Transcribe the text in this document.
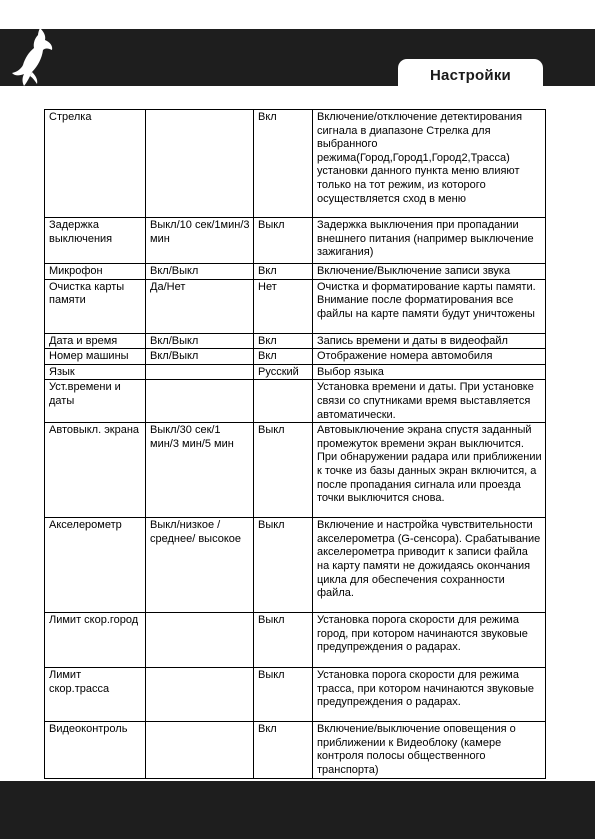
Настройки
Стрелка		Вкл	Включение/отключение детектирования сигнала в диапазоне Стрелка для выбранного режима(Город,Город1,Город2,Трасса) установки данного пункта меню влияют только на тот режим, из которого осуществляется сход в меню
Задержка выключения	Выкл/10 сек/1мин/3 мин	Выкл	Задержка выключения при пропадании внешнего питания (например выключение зажигания)
Микрофон	Вкл/Выкл	Вкл	Включение/Выключение записи звука
Очистка карты памяти	Да/Нет	Нет	Очистка и форматирование карты памяти. Внимание после форматирования все файлы на карте памяти будут уничтожены
Дата и время	Вкл/Выкл	Вкл	Запись времени и даты в видеофайл
Номер машины	Вкл/Выкл	Вкл	Отображение номера автомобиля
Язык		Русский	Выбор языка
Уст.времени и даты			Установка времени и даты. При установке связи со спутниками время выставляется автоматически.
Автовыкл. экрана	Выкл/30 сек/1 мин/3 мин/5 мин	Выкл	Автовыключение экрана спустя заданный промежуток времени экран выключится. При обнаружении радара или приближении к точке из базы данных экран включится, а после пропадания сигнала или проезда точки выключится снова.
Акселерометр	Выкл/низкое / среднее/ высокое	Выкл	Включение и настройка чувствительности акселерометра (G-сенсора). Срабатывание акселерометра приводит к записи файла на карту памяти не дожидаясь окончания цикла для обеспечения сохранности файла.
Лимит скор.город		Выкл	Установка порога скорости для режима город, при котором начинаются звуковые предупреждения о радарах.
Лимит скор.трасса		Выкл	Установка порога скорости для режима трасса, при котором начинаются звуковые предупреждения о радарах.
Видеоконтроль		Вкл	Включение/выключение оповещения о приближении к Видеоблоку (камере контроля полосы общественного транспорта)
